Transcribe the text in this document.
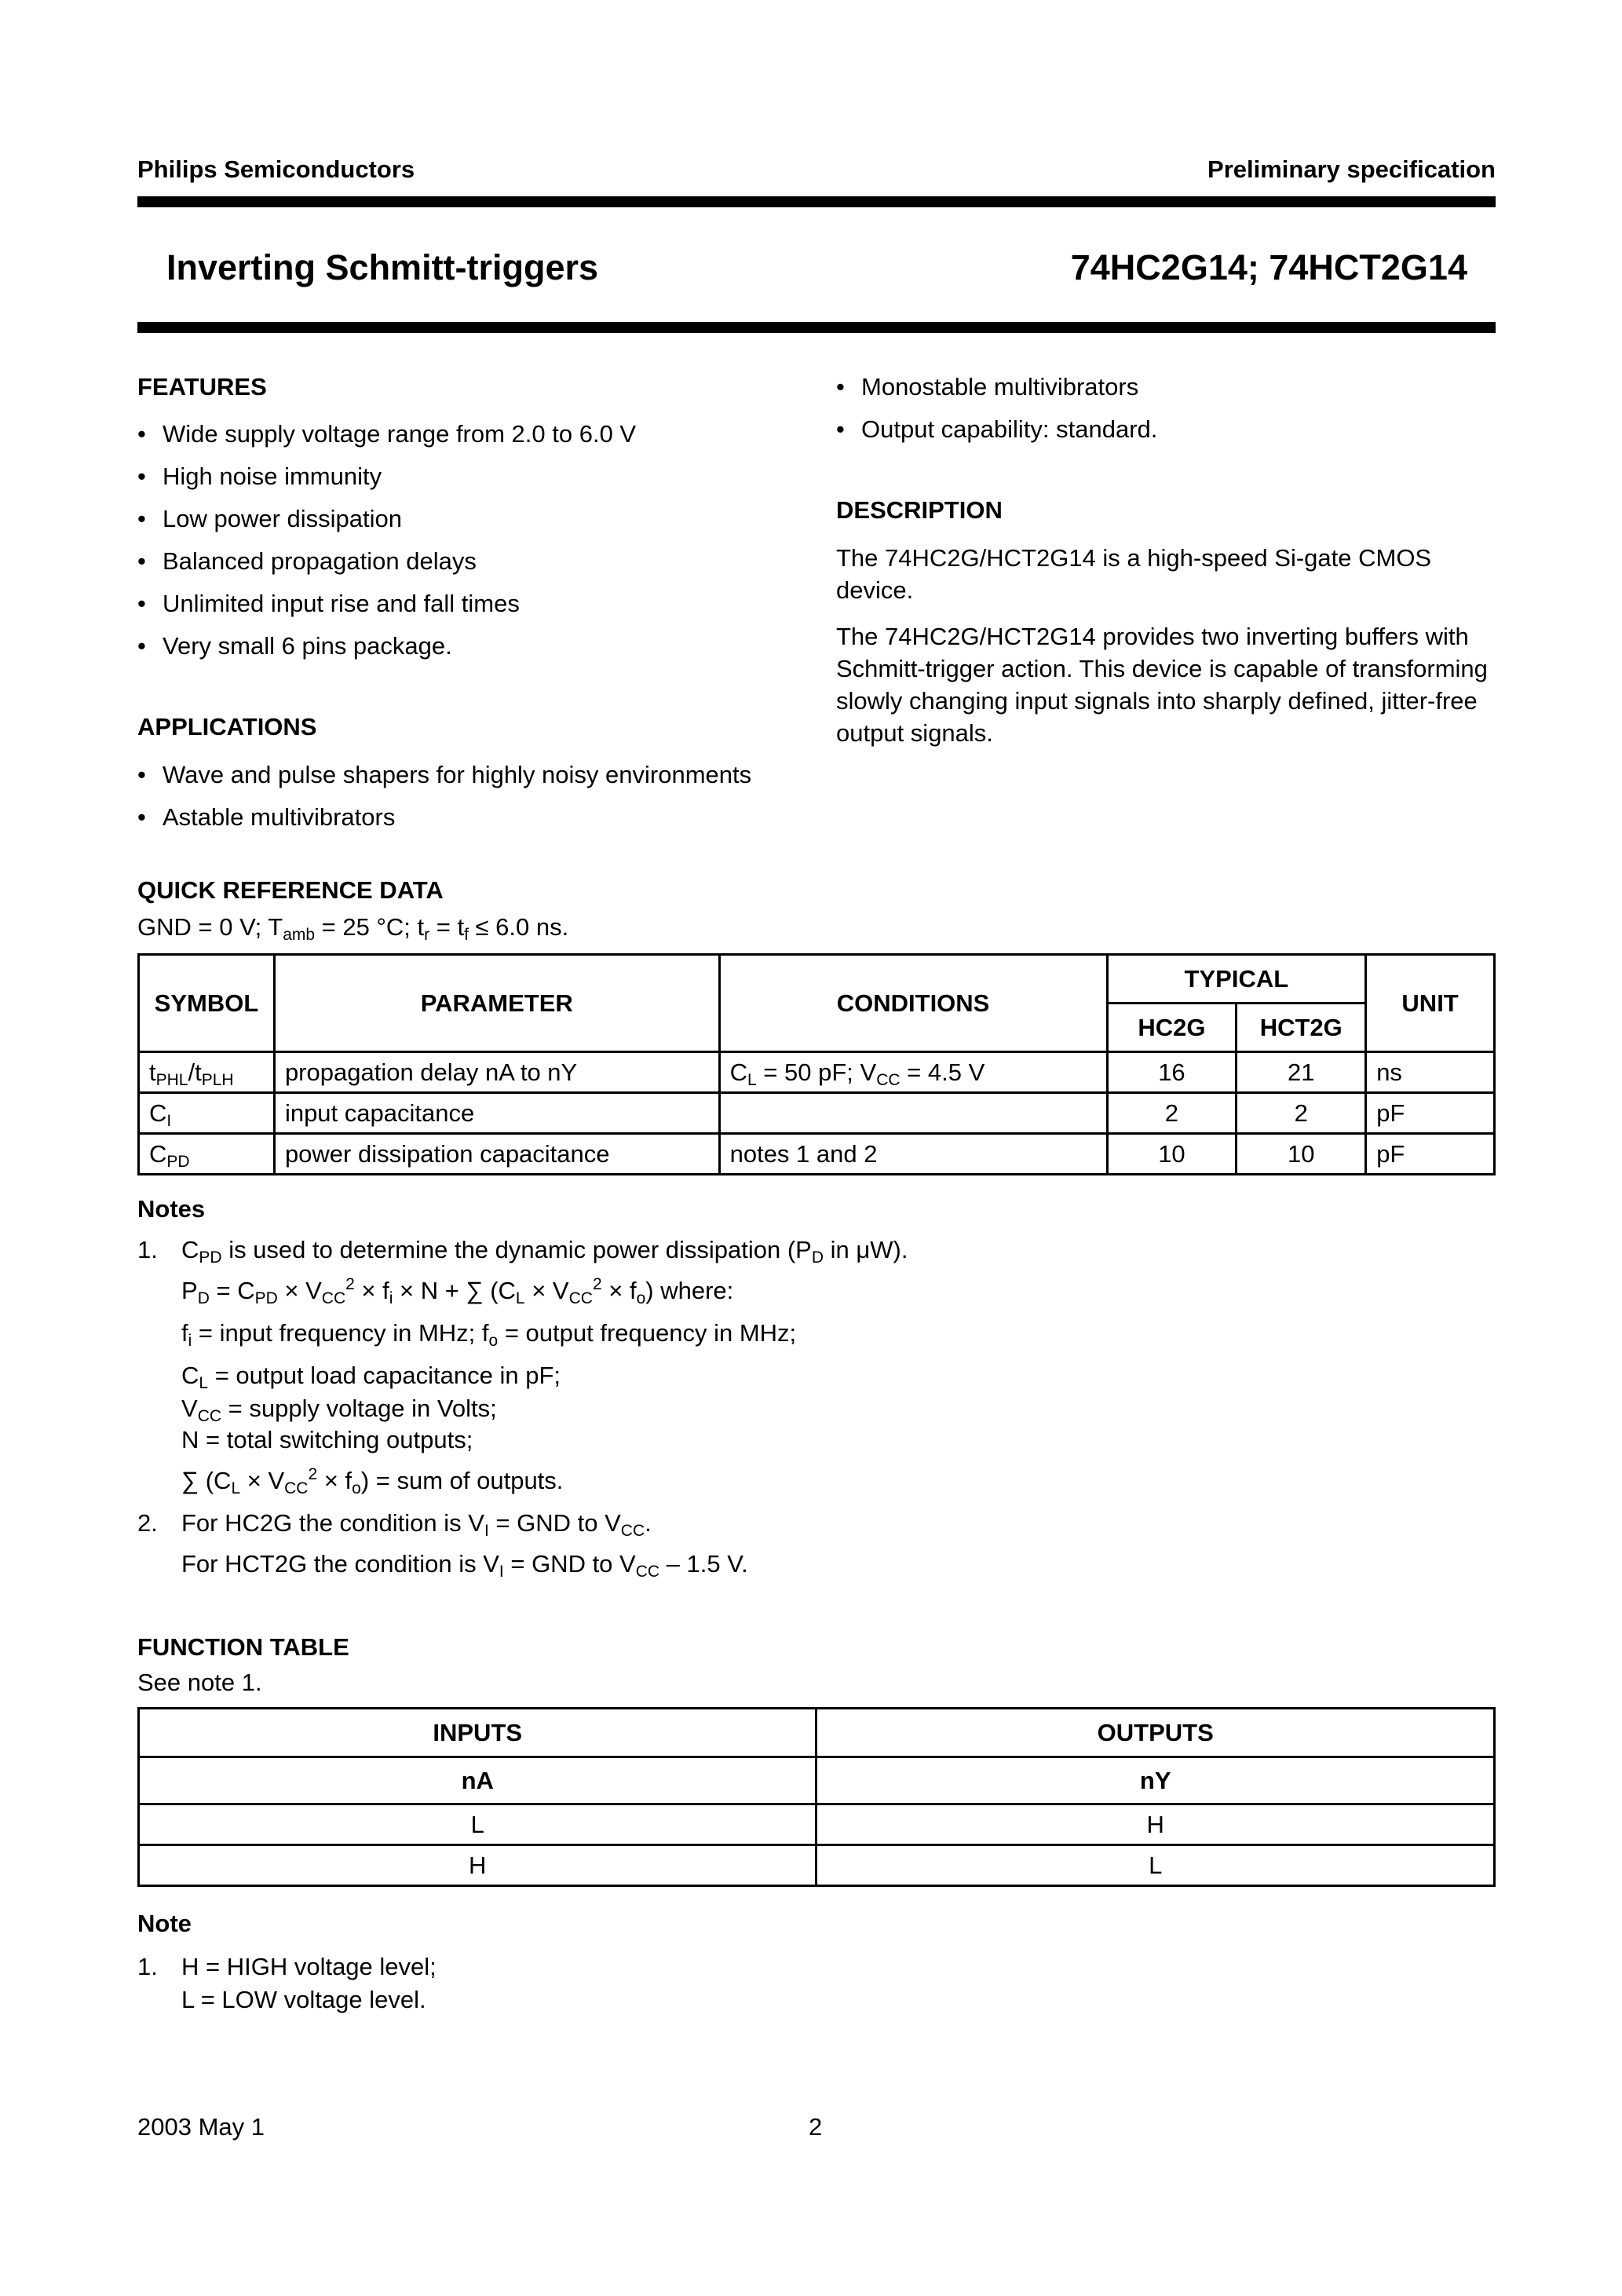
Philips Semiconductors	Preliminary specification
Inverting Schmitt-triggers	74HC2G14; 74HCT2G14
FEATURES
• Wide supply voltage range from 2.0 to 6.0 V
• High noise immunity
• Low power dissipation
• Balanced propagation delays
• Unlimited input rise and fall times
• Very small 6 pins package.
APPLICATIONS
• Wave and pulse shapers for highly noisy environments
• Astable multivibrators
• Monostable multivibrators
• Output capability: standard.
DESCRIPTION

The 74HC2G/HCT2G14 is a high-speed Si-gate CMOS device.

The 74HC2G/HCT2G14 provides two inverting buffers with Schmitt-trigger action. This device is capable of transforming slowly changing input signals into sharply defined, jitter-free output signals.

QUICK REFERENCE DATA
GND = 0 V; $T_{amb} = 25$ °C; $t_r = t_f \le 6.0$ ns.
SYMBOL	PARAMETER	CONDITIONS	TYPICAL		UNIT
			HC2G	HCT2G	
$t_{PHL}/t_{PLH}$	propagation delay nA to nY	$C_L = 50$ pF; $V_{CC} = 4.5$ V	16	21	ns
$C_I$	input capacitance		2	2	pF
$C_{PD}$	power dissipation capacitance	notes 1 and 2	10	10	pF
Notes
1. $C_{PD}$ is used to determine the dynamic power dissipation ($P_D$ in μW).
$P_D = C_{PD} \times V_{CC}^2 \times f_i \times N$ + ∑ $(C_L \times V_{CC}^2 \times f_o)$ where:
$f_i$ = input frequency in MHz; $f_o$ = output frequency in MHz;
$C_L$ = output load capacitance in pF;
$V_{CC}$ = supply voltage in Volts;
N = total switching outputs;
∑ $(C_L \times V_{CC}^2 \times f_o)$ = sum of outputs.
2. For HC2G the condition is $V_I$ = GND to $V_{CC}$.
For HCT2G the condition is $V_I$ = GND to $V_{CC} - 1.5$ V.
FUNCTION TABLE
See note 1.
INPUTS	OUTPUTS
nA	nY
L	H
H	L
Note
1. H = HIGH voltage level;
L = LOW voltage level.
2003 May 1	2
